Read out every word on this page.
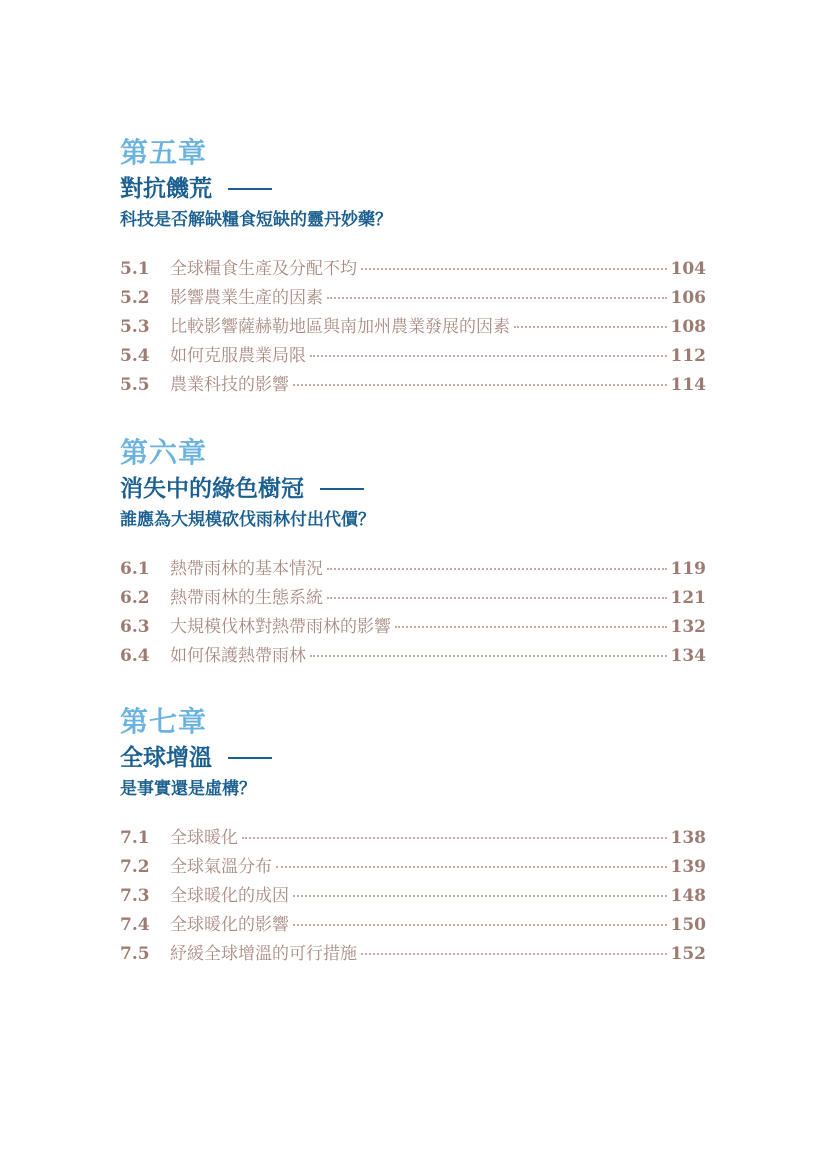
第五章
對抗饑荒

科技是否解缺糧食短缺的靈丹妙藥？

5.1	全球糧食生產及分配不均	104
5.2	影響農業生產的因素	106
5.3	比較影響薩赫勒地區與南加州農業發展的因素	108
5.4	如何克服農業局限	112
5.5	農業科技的影響	114
第六章
消失中的綠色樹冠

誰應為大規模砍伐雨林付出代價？

6.1	熱帶雨林的基本情況	119
6.2	熱帶雨林的生態系統	121
6.3	大規模伐林對熱帶雨林的影響	132
6.4	如何保護熱帶雨林	134
第七章
全球增溫

是事實還是虛構？

7.1	全球暖化	138
7.2	全球氣溫分布	139
7.3	全球暖化的成因	148
7.4	全球暖化的影響	150
7.5	紓緩全球增溫的可行措施	152
